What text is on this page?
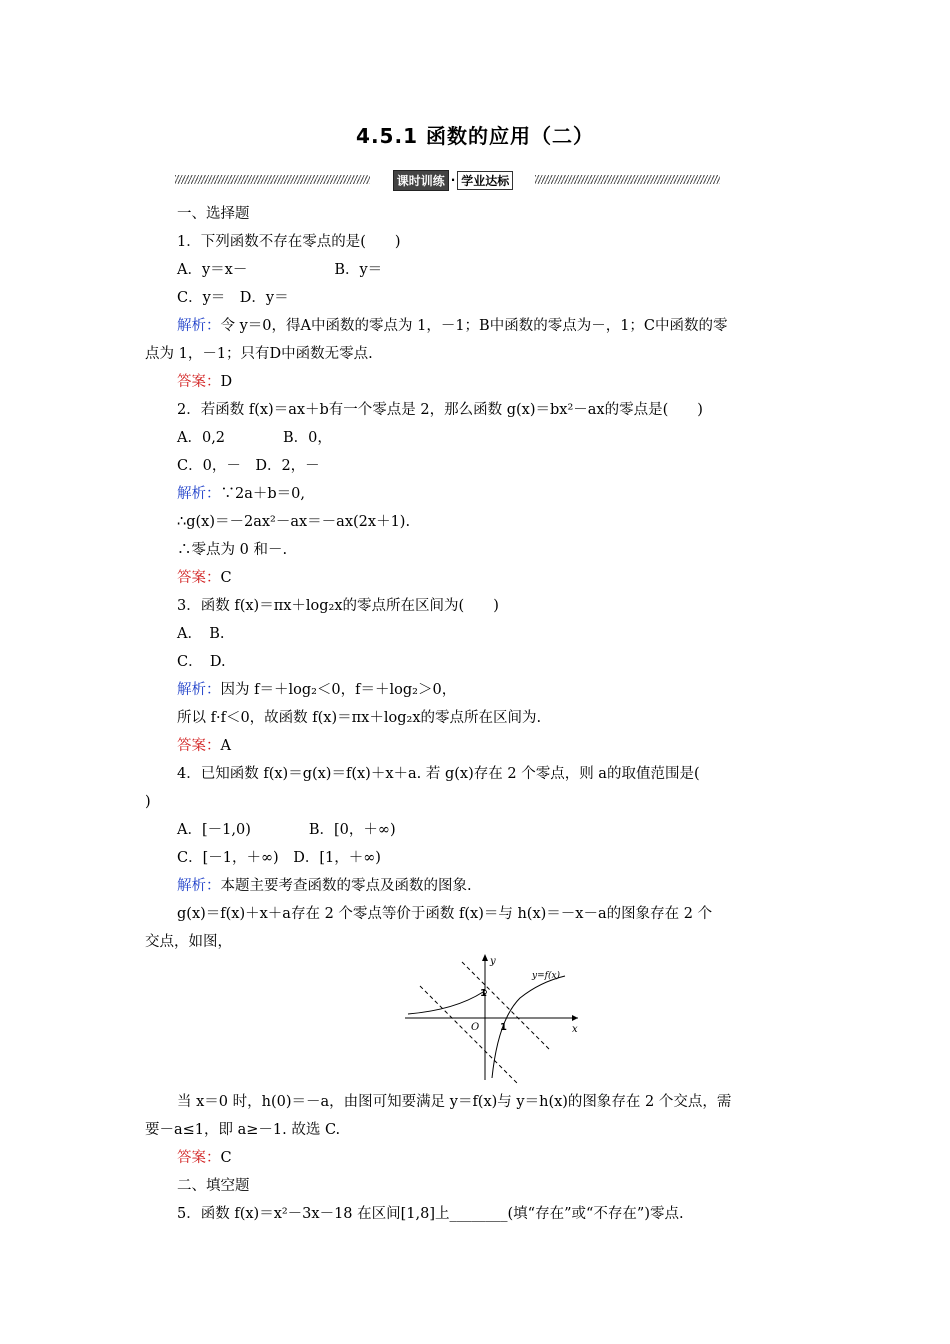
4.5.1 函数的应用（二）
课时训练 · 学业达标
一、选择题
1．下列函数不存在零点的是(　　)
A．y＝x－　　　　　　B．y＝
C．y＝　D．y＝
解析：令 y＝0，得A中函数的零点为 1，－1；B中函数的零点为－，1；C中函数的零
点为 1，－1；只有D中函数无零点.
答案：D
2．若函数 f(x)＝ax＋b有一个零点是 2，那么函数 g(x)＝bx²－ax的零点是(　　)
A．0,2　　　　B．0，
C．0，－　D．2，－
解析：∵2a＋b＝0,
∴g(x)＝－2ax²－ax＝－ax(2x＋1).
∴零点为 0 和－.
答案：C
3．函数 f(x)＝πx＋log₂x的零点所在区间为(　　)
A．　B.
C．　D.
解析：因为 f＝＋log₂＜0，f＝＋log₂＞0，
所以 f·f＜0，故函数 f(x)＝πx＋log₂x的零点所在区间为.
答案：A
4．已知函数 f(x)＝g(x)＝f(x)＋x＋a. 若 g(x)存在 2 个零点，则 a的取值范围是(
)
A．[－1,0)　　　　B．[0，＋∞)
C．[－1，＋∞)　D．[1，＋∞)
解析：本题主要考查函数的零点及函数的图象.
g(x)＝f(x)＋x＋a存在 2 个零点等价于函数 f(x)＝与 h(x)＝－x－a的图象存在 2 个
交点，如图，
y
x
O 1
1
y=f(x)
当 x＝0 时，h(0)＝－a，由图可知要满足 y＝f(x)与 y＝h(x)的图象存在 2 个交点，需
要－a≤1，即 a≥－1. 故选 C.
答案：C
二、填空题
5．函数 f(x)＝x²－3x－18 在区间[1,8]上________(填“存在”或“不存在”)零点.
